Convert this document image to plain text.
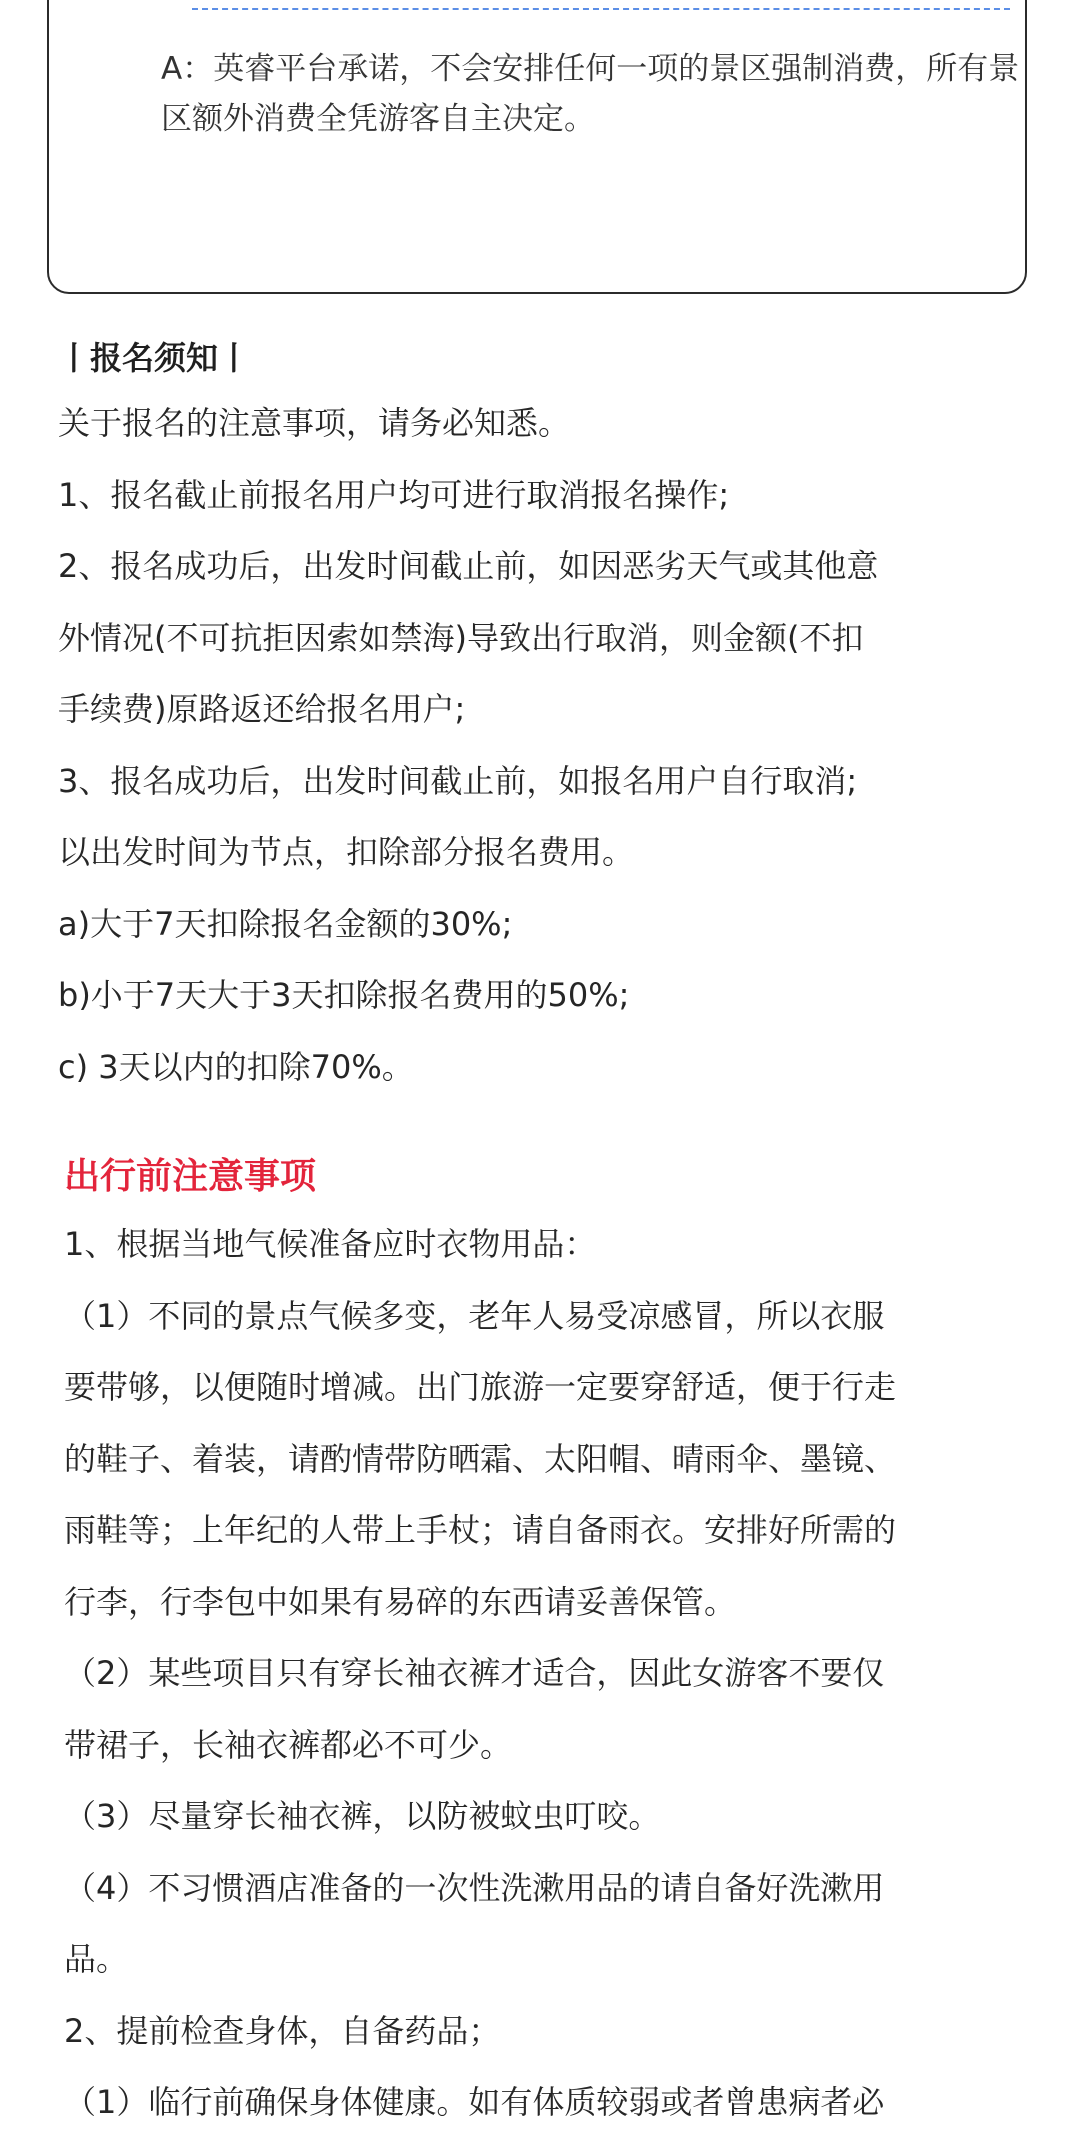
A：英睿平台承诺，不会安排任何一项的景区强制消费，所有景区额外消费全凭游客自主决定。

丨报名须知丨

关于报名的注意事项，请务必知悉。

1、报名截止前报名用户均可进行取消报名操作;

2、报名成功后，出发时间截止前，如因恶劣天气或其他意

外情况(不可抗拒因索如禁海)导致出行取消，则金额(不扣

手续费)原路返还给报名用户;

3、报名成功后，出发时间截止前，如报名用户自行取消;

以出发时间为节点，扣除部分报名费用。

a)大于7天扣除报名金额的30%;

b)小于7天大于3天扣除报名费用的50%;

c) 3天以内的扣除70%。

出行前注意事项

1、根据当地气候准备应时衣物用品：

（1）不同的景点气候多变，老年人易受凉感冒，所以衣服

要带够，以便随时增减。出门旅游一定要穿舒适，便于行走

的鞋子、着装，请酌情带防晒霜、太阳帽、晴雨伞、墨镜、

雨鞋等；上年纪的人带上手杖；请自备雨衣。安排好所需的

行李，行李包中如果有易碎的东西请妥善保管。

（2）某些项目只有穿长袖衣裤才适合，因此女游客不要仅

带裙子，长袖衣裤都必不可少。

（3）尽量穿长袖衣裤，以防被蚊虫叮咬。

（4）不习惯酒店准备的一次性洗漱用品的请自备好洗漱用

品。

2、提前检查身体，自备药品；

（1）临行前确保身体健康。如有体质较弱或者曾患病者必
